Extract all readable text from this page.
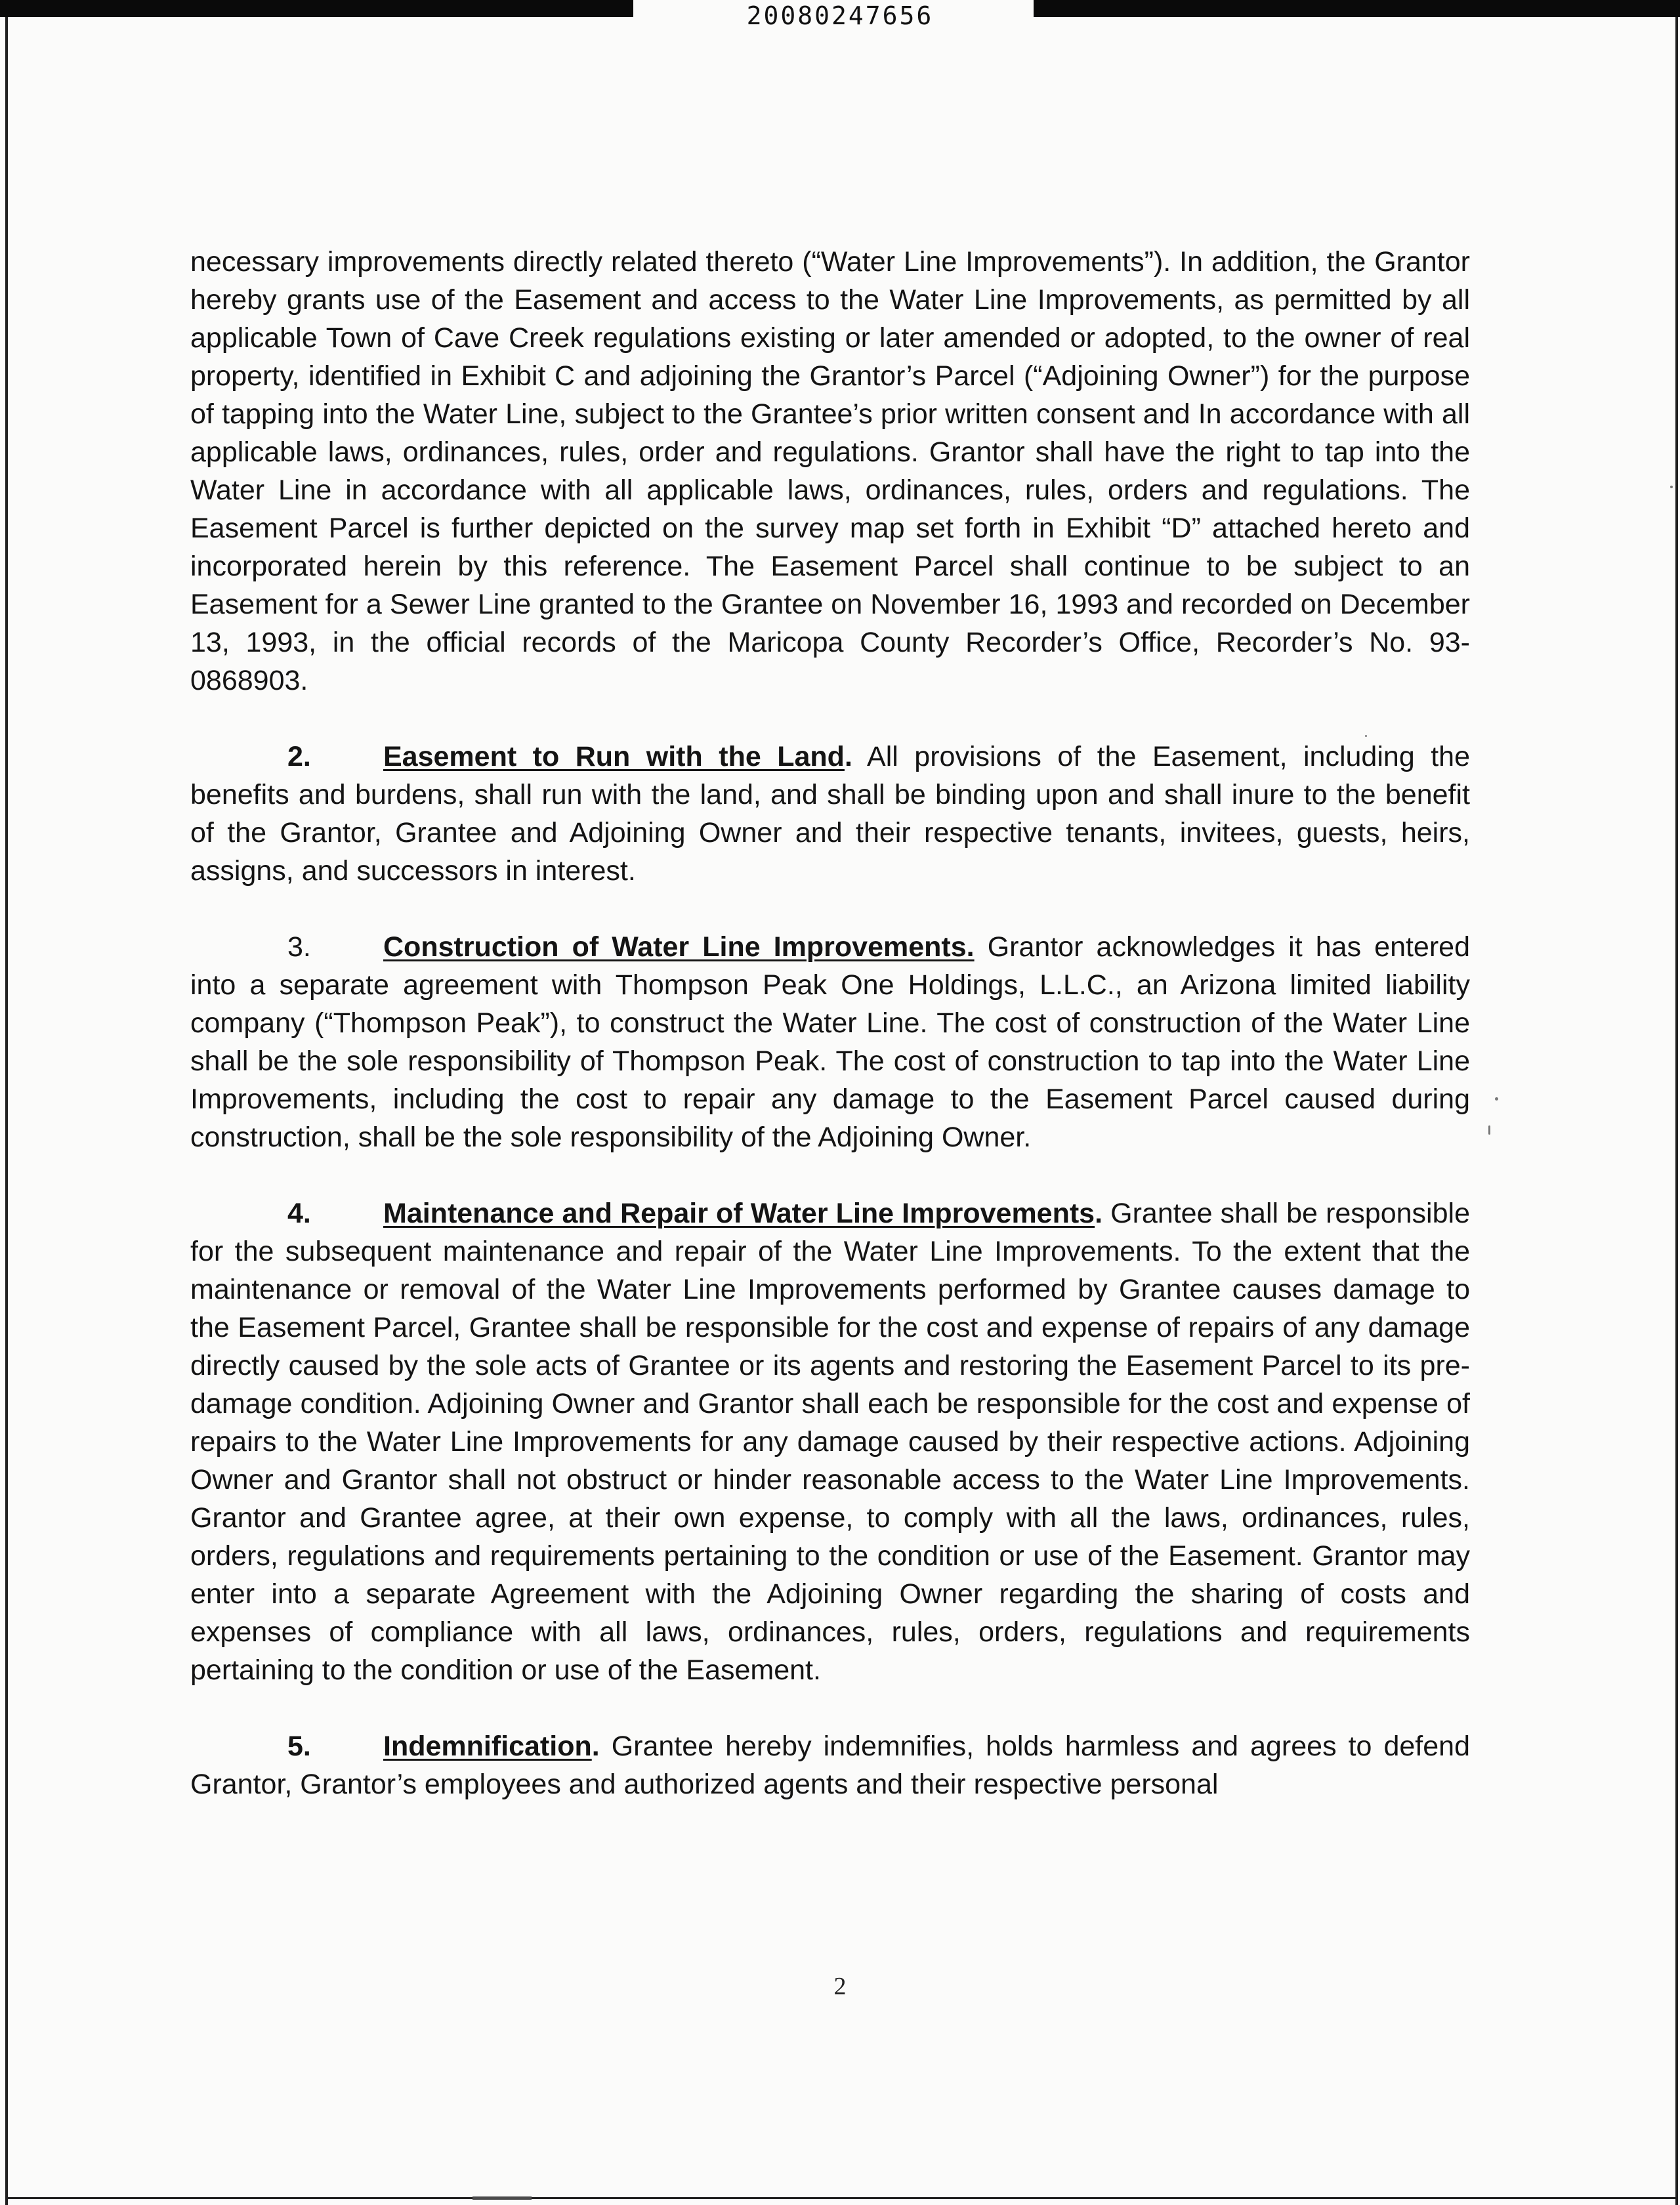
20080247656

necessary improvements directly related thereto (“Water Line Improvements”). In addition, the Grantor hereby grants use of the Easement and access to the Water Line Improvements, as permitted by all applicable Town of Cave Creek regulations existing or later amended or adopted, to the owner of real property, identified in Exhibit C and adjoining the Grantor’s Parcel (“Adjoining Owner”) for the purpose of tapping into the Water Line, subject to the Grantee’s prior written consent and In accordance with all applicable laws, ordinances, rules, order and regulations. Grantor shall have the right to tap into the Water Line in accordance with all applicable laws, ordinances, rules, orders and regulations. The Easement Parcel is further depicted on the survey map set forth in Exhibit “D” attached hereto and incorporated herein by this reference. The Easement Parcel shall continue to be subject to an Easement for a Sewer Line granted to the Grantee on November 16, 1993 and recorded on December 13, 1993, in the official records of the Maricopa County Recorder’s Office, Recorder’s No. 93-0868903.

2.	Easement to Run with the Land. All provisions of the Easement, including the benefits and burdens, shall run with the land, and shall be binding upon and shall inure to the benefit of the Grantor, Grantee and Adjoining Owner and their respective tenants, invitees, guests, heirs, assigns, and successors in interest.

3.	Construction of Water Line Improvements. Grantor acknowledges it has entered into a separate agreement with Thompson Peak One Holdings, L.L.C., an Arizona limited liability company (“Thompson Peak”), to construct the Water Line. The cost of construction of the Water Line shall be the sole responsibility of Thompson Peak. The cost of construction to tap into the Water Line Improvements, including the cost to repair any damage to the Easement Parcel caused during construction, shall be the sole responsibility of the Adjoining Owner.

4.	Maintenance and Repair of Water Line Improvements. Grantee shall be responsible for the subsequent maintenance and repair of the Water Line Improvements. To the extent that the maintenance or removal of the Water Line Improvements performed by Grantee causes damage to the Easement Parcel, Grantee shall be responsible for the cost and expense of repairs of any damage directly caused by the sole acts of Grantee or its agents and restoring the Easement Parcel to its pre-damage condition. Adjoining Owner and Grantor shall each be responsible for the cost and expense of repairs to the Water Line Improvements for any damage caused by their respective actions. Adjoining Owner and Grantor shall not obstruct or hinder reasonable access to the Water Line Improvements. Grantor and Grantee agree, at their own expense, to comply with all the laws, ordinances, rules, orders, regulations and requirements pertaining to the condition or use of the Easement. Grantor may enter into a separate Agreement with the Adjoining Owner regarding the sharing of costs and expenses of compliance with all laws, ordinances, rules, orders, regulations and requirements pertaining to the condition or use of the Easement.

5.	Indemnification. Grantee hereby indemnifies, holds harmless and agrees to defend Grantor, Grantor’s employees and authorized agents and their respective personal

2
